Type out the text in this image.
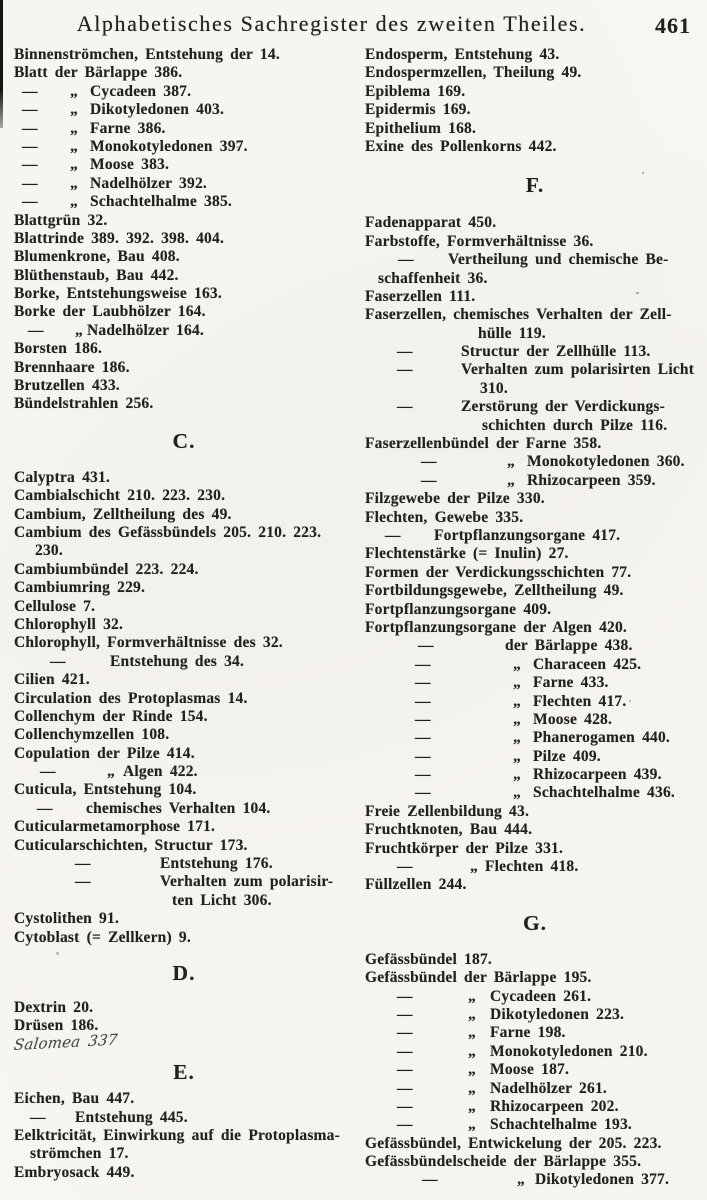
Alphabetisches Sachregister des zweiten Theiles.	461
Binnenströmchen, Entstehung der 14.
Blatt der Bärlappe 386.
— „ Cycadeen 387.
— „ Dikotyledonen 403.
— „ Farne 386.
— „ Monokotyledonen 397.
— „ Moose 383.
— „ Nadelhölzer 392.
— „ Schachtelhalme 385.
Blattgrün 32.
Blattrinde 389. 392. 398. 404.
Blumenkrone, Bau 408.
Blüthenstaub, Bau 442.
Borke, Entstehungsweise 163.
Borke der Laubhölzer 164.
— „ Nadelhölzer 164.
Borsten 186.
Brennhaare 186.
Brutzellen 433.
Bündelstrahlen 256.
C.
Calyptra 431.
Cambialschicht 210. 223. 230.
Cambium, Zelltheilung des 49.
Cambium des Gefässbündels 205. 210. 223.
230.
Cambiumbündel 223. 224.
Cambiumring 229.
Cellulose 7.
Chlorophyll 32.
Chlorophyll, Formverhältnisse des 32.
—	Entstehung des 34.
Cilien 421.
Circulation des Protoplasmas 14.
Collenchym der Rinde 154.
Collenchymzellen 108.
Copulation der Pilze 414.
—	„ Algen 422.
Cuticula, Entstehung 104.
— chemisches Verhalten 104.
Cuticularmetamorphose 171.
Cuticularschichten, Structur 173.
—	Entstehung 176.
—	Verhalten zum polarisir-
ten Licht 306.
Cystolithen 91.
Cytoblast (= Zellkern) 9.
D.
Dextrin 20.
Drüsen 186.
Salomea 337
E.
Eichen, Bau 447.
— Entstehung 445.
Eelktricität, Einwirkung auf die Protoplasma-
strömchen 17.
Embryosack 449.
Endosperm, Entstehung 43.
Endospermzellen, Theilung 49.
Epiblema 169.
Epidermis 169.
Epithelium 168.
Exine des Pollenkorns 442.
F.
Fadenapparat 450.
Farbstoffe, Formverhältnisse 36.
— Vertheilung und chemische Be-
schaffenheit 36.
Faserzellen 111.
Faserzellen, chemisches Verhalten der Zell-
hülle 119.
—	Structur der Zellhülle 113.
—	Verhalten zum polarisirten Licht
310.
—	Zerstörung der Verdickungs-
schichten durch Pilze 116.
Faserzellenbündel der Farne 358.
—	„ Monokotyledonen 360.
—	„ Rhizocarpeen 359.
Filzgewebe der Pilze 330.
Flechten, Gewebe 335.
— Fortpflanzungsorgane 417.
Flechtenstärke (= Inulin) 27.
Formen der Verdickungsschichten 77.
Fortbildungsgewebe, Zelltheilung 49.
Fortpflanzungsorgane 409.
Fortpflanzungsorgane der Algen 420.
—	der Bärlappe 438.
—	„ Characeen 425.
—	„ Farne 433.
—	„ Flechten 417.
—	„ Moose 428.
—	„ Phanerogamen 440.
—	„ Pilze 409.
—	„ Rhizocarpeen 439.
—	„ Schachtelhalme 436.
Freie Zellenbildung 43.
Fruchtknoten, Bau 444.
Fruchtkörper der Pilze 331.
—	„ Flechten 418.
Füllzellen 244.
G.
Gefässbündel 187.
Gefässbündel der Bärlappe 195.
—	„ Cycadeen 261.
—	„ Dikotyledonen 223.
—	„ Farne 198.
—	„ Monokotyledonen 210.
—	„ Moose 187.
—	„ Nadelhölzer 261.
—	„ Rhizocarpeen 202.
—	„ Schachtelhalme 193.
Gefässbündel, Entwickelung der 205. 223.
Gefässbündelscheide der Bärlappe 355.
—	„ Dikotyledonen 377.
